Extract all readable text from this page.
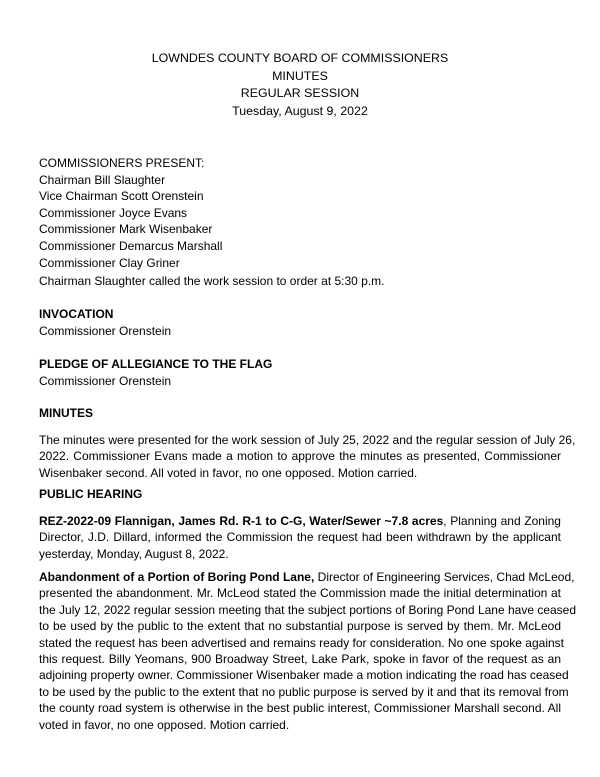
LOWNDES COUNTY BOARD OF COMMISSIONERS
MINUTES
REGULAR SESSION
Tuesday, August 9, 2022
COMMISSIONERS PRESENT:
Chairman Bill Slaughter
Vice Chairman Scott Orenstein
Commissioner Joyce Evans
Commissioner Mark Wisenbaker
Commissioner Demarcus Marshall
Commissioner Clay Griner
Chairman Slaughter called the work session to order at 5:30 p.m.
INVOCATION
Commissioner Orenstein
PLEDGE OF ALLEGIANCE TO THE FLAG
Commissioner Orenstein
MINUTES
The minutes were presented for the work session of July 25, 2022 and the regular session of July 26,
2022. Commissioner Evans made a motion to approve the minutes as presented, Commissioner
Wisenbaker second. All voted in favor, no one opposed. Motion carried.
PUBLIC HEARING
REZ-2022-09 Flannigan, James Rd. R-1 to C-G, Water/Sewer ~7.8 acres, Planning and Zoning
Director, J.D. Dillard, informed the Commission the request had been withdrawn by the applicant
yesterday, Monday, August 8, 2022.
Abandonment of a Portion of Boring Pond Lane, Director of Engineering Services, Chad McLeod,
presented the abandonment. Mr. McLeod stated the Commission made the initial determination at
the July 12, 2022 regular session meeting that the subject portions of Boring Pond Lane have ceased
to be used by the public to the extent that no substantial purpose is served by them. Mr. McLeod
stated the request has been advertised and remains ready for consideration. No one spoke against
this request. Billy Yeomans, 900 Broadway Street, Lake Park, spoke in favor of the request as an
adjoining property owner. Commissioner Wisenbaker made a motion indicating the road has ceased
to be used by the public to the extent that no public purpose is served by it and that its removal from
the county road system is otherwise in the best public interest, Commissioner Marshall second. All
voted in favor, no one opposed. Motion carried.
